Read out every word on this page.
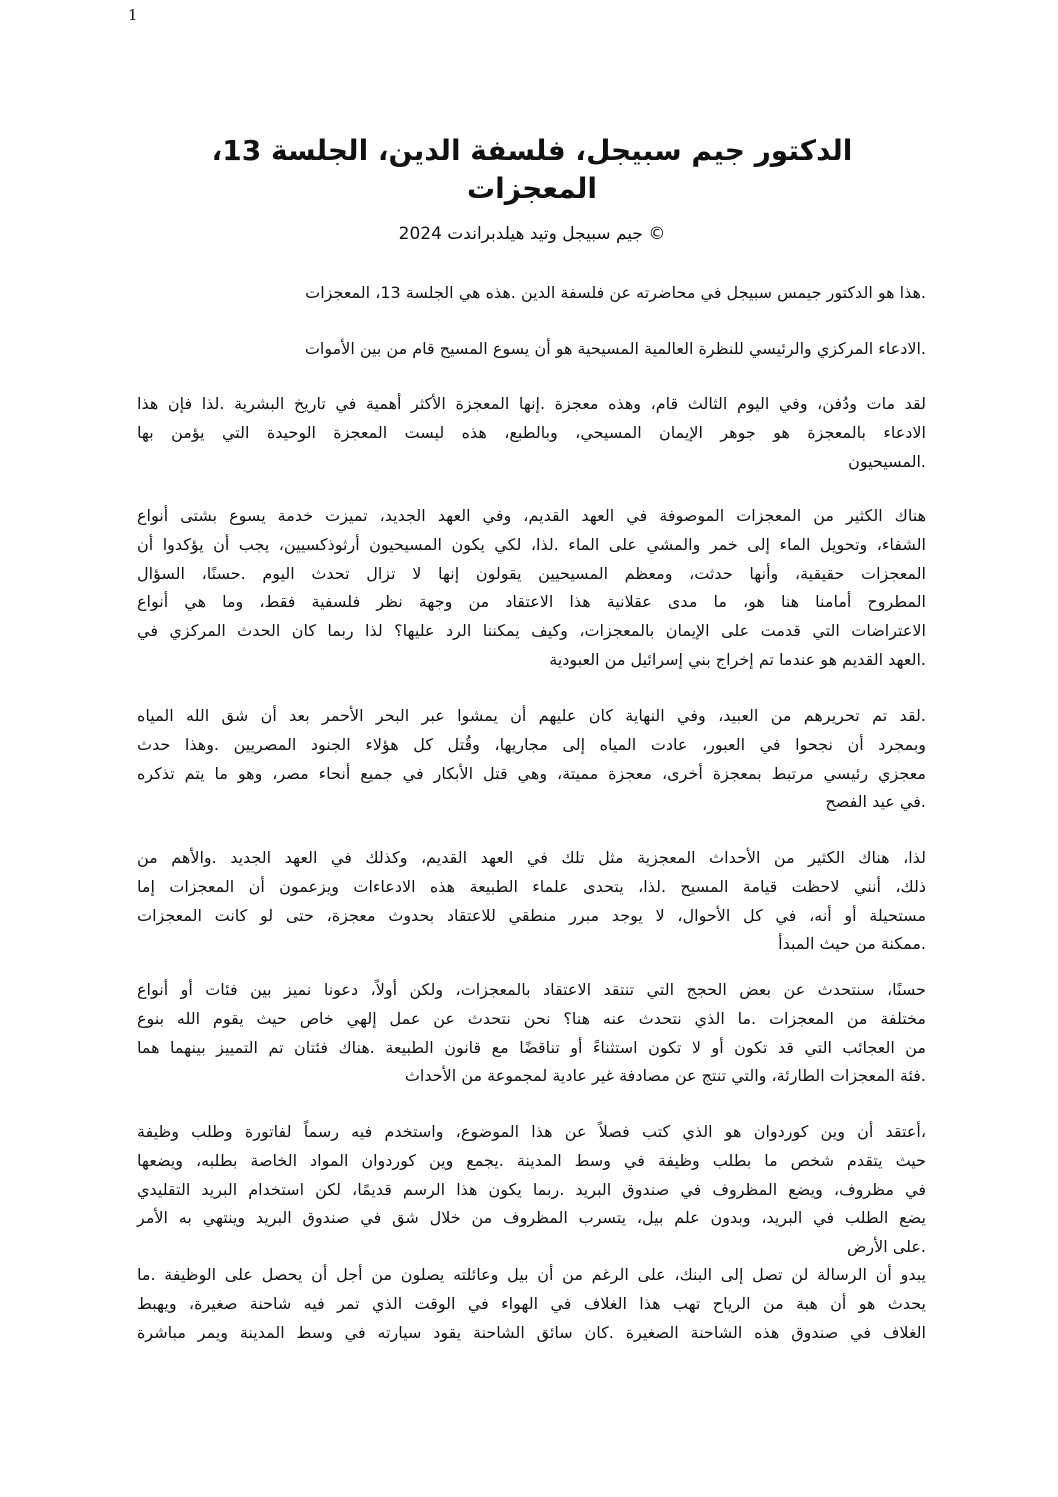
1
،الدكتور جيم سبيجل، فلسفة الدين، الجلسة 13
المعجزات
جيم سبيجل وتيد هيلدبراندت 2024 ©
.هذا هو الدكتور جيمس سبيجل في محاضرته عن فلسفة الدين .هذه هي الجلسة 13، المعجزات
.الادعاء المركزي والرئيسي للنظرة العالمية المسيحية هو أن يسوع المسيح قام من بين الأموات
لقد مات ودُفن، وفي اليوم الثالث قام، وهذه معجزة .إنها المعجزة الأكثر أهمية في تاريخ البشرية .لذا فإن هذا
الادعاء بالمعجزة هو جوهر الإيمان المسيحي، وبالطبع، هذه ليست المعجزة الوحيدة التي يؤمن بها
.المسيحيون
هناك الكثير من المعجزات الموصوفة في العهد القديم، وفي العهد الجديد، تميزت خدمة يسوع بشتى أنواع
الشفاء، وتحويل الماء إلى خمر والمشي على الماء .لذا، لكي يكون المسيحيون أرثوذكسيين، يجب أن يؤكدوا أن
المعجزات حقيقية، وأنها حدثت، ومعظم المسيحيين يقولون إنها لا تزال تحدث اليوم .حسنًا، السؤال
المطروح أمامنا هنا هو، ما مدى عقلانية هذا الاعتقاد من وجهة نظر فلسفية فقط، وما هي أنواع
الاعتراضات التي قدمت على الإيمان بالمعجزات، وكيف يمكننا الرد عليها؟ لذا ربما كان الحدث المركزي في
.العهد القديم هو عندما تم إخراج بني إسرائيل من العبودية
.لقد تم تحريرهم من العبيد، وفي النهاية كان عليهم أن يمشوا عبر البحر الأحمر بعد أن شق الله المياه
وبمجرد أن نجحوا في العبور، عادت المياه إلى مجاريها، وقُتل كل هؤلاء الجنود المصريين .وهذا حدث
معجزي رئيسي مرتبط بمعجزة أخرى، معجزة مميتة، وهي قتل الأبكار في جميع أنحاء مصر، وهو ما يتم تذكره
.في عيد الفصح
لذا، هناك الكثير من الأحداث المعجزية مثل تلك في العهد القديم، وكذلك في العهد الجديد .والأهم من
ذلك، أنني لاحظت قيامة المسيح .لذا، يتحدى علماء الطبيعة هذه الادعاءات ويزعمون أن المعجزات إما
مستحيلة أو أنه، في كل الأحوال، لا يوجد مبرر منطقي للاعتقاد بحدوث معجزة، حتى لو كانت المعجزات
.ممكنة من حيث المبدأ
حسنًا، سنتحدث عن بعض الحجج التي تنتقد الاعتقاد بالمعجزات، ولكن أولاً، دعونا نميز بين فئات أو أنواع
مختلفة من المعجزات .ما الذي نتحدث عنه هنا؟ نحن نتحدث عن عمل إلهي خاص حيث يقوم الله بنوع
من العجائب التي قد تكون أو لا تكون استثناءً أو تناقضًا مع قانون الطبيعة .هناك فئتان تم التمييز بينهما هما
.فئة المعجزات الطارئة، والتي تنتج عن مصادفة غير عادية لمجموعة من الأحداث
،أعتقد أن وين كوردوان هو الذي كتب فصلاً عن هذا الموضوع، واستخدم فيه رسماً لفاتورة وطلب وظيفة
حيث يتقدم شخص ما بطلب وظيفة في وسط المدينة .يجمع وين كوردوان المواد الخاصة بطلبه، ويضعها
في مظروف، ويضع المظروف في صندوق البريد .ربما يكون هذا الرسم قديمًا، لكن استخدام البريد التقليدي
يضع الطلب في البريد، وبدون علم بيل، يتسرب المظروف من خلال شق في صندوق البريد وينتهي به الأمر
.على الأرض
يبدو أن الرسالة لن تصل إلى البنك، على الرغم من أن بيل وعائلته يصلون من أجل أن يحصل على الوظيفة .ما
يحدث هو أن هبة من الرياح تهب هذا الغلاف في الهواء في الوقت الذي تمر فيه شاحنة صغيرة، ويهبط
الغلاف في صندوق هذه الشاحنة الصغيرة .كان سائق الشاحنة يقود سيارته في وسط المدينة ويمر مباشرة
